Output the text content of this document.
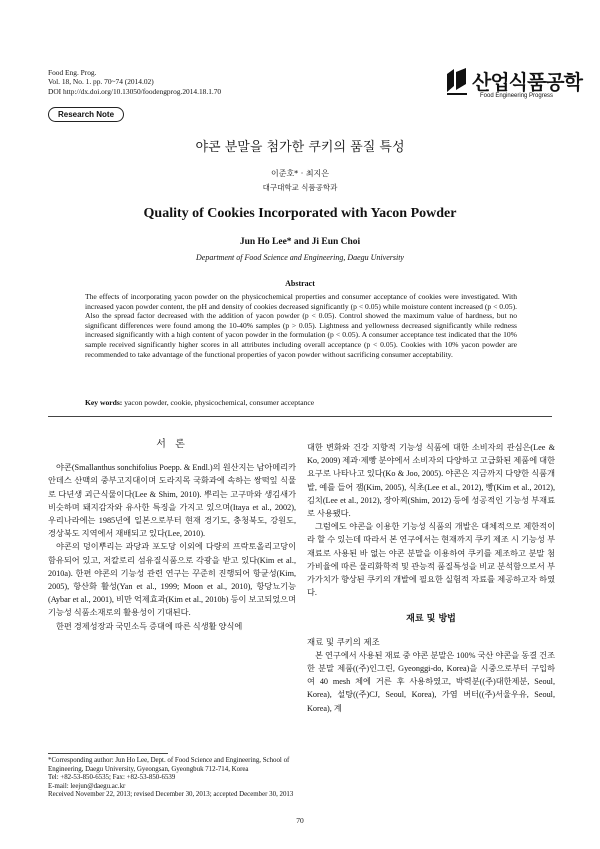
Food Eng. Prog.
Vol. 18, No. 1. pp. 70~74 (2014.02)
DOI http://dx.doi.org/10.13050/foodengprog.2014.18.1.70	산업식품공학
Food Engineering Progress
Research Note
야콘 분말을 첨가한 쿠키의 품질 특성
이준호* · 최지은
대구대학교 식품공학과
Quality of Cookies Incorporated with Yacon Powder
Jun Ho Lee* and Ji Eun Choi
Department of Food Science and Engineering, Daegu University
Abstract
The effects of incorporating yacon powder on the physicochemical properties and consumer acceptance of cookies were investigated. With increased yacon powder content, the pH and density of cookies decreased significantly (p < 0.05) while moisture content increased (p < 0.05). Also the spread factor decreased with the addition of yacon powder (p < 0.05). Control showed the maximum value of hardness, but no significant differences were found among the 10-40% samples (p > 0.05). Lightness and yellowness decreased significantly while redness increased significantly with a high content of yacon powder in the formulation (p < 0.05). A consumer acceptance test indicated that the 10% sample received significantly higher scores in all attributes including overall acceptance (p < 0.05). Cookies with 10% yacon powder are recommended to take advantage of the functional properties of yacon powder without sacrificing consumer acceptability.
Key words: yacon powder, cookie, physicochemical, consumer acceptance
서 론

야콘(Smallanthus sonchifolius Poepp. & Endl.)의 원산지는 남아메리카 안데스 산맥의 중부고지대이며 도라지목 국화과에 속하는 쌍떡잎 식물로 다년생 괴근식물이다(Lee & Shim, 2010). 뿌리는 고구마와 생김새가 비슷하며 돼지감자와 유사한 특징을 가지고 있으며(Itaya et al., 2002), 우리나라에는 1985년에 일본으로부터 현재 경기도, 충청북도, 강원도, 경상북도 지역에서 재배되고 있다(Lee, 2010).

야콘의 덩이뿌리는 과당과 포도당 이외에 다량의 프락토올리고당이 함유되어 있고, 저칼로리 섬유질식품으로 각광을 받고 있다(Kim et al., 2010a). 한편 야콘의 기능성 관련 연구는 꾸준히 진행되어 항균성(Kim, 2005), 항산화 활성(Yan et al., 1999; Moon et al., 2010), 항당뇨기능(Aybar et al., 2001), 비만 억제효과(Kim et al., 2010b) 등이 보고되었으며 기능성 식품소재로의 활용성이 기대된다.

한편 경제성장과 국민소득 증대에 따른 식생활 양식에

대한 변화와 건강 지향적 기능성 식품에 대한 소비자의 관심은(Lee & Ko, 2009) 제과·제빵 분야에서 소비자의 다양하고 고급화된 제품에 대한 요구로 나타나고 있다(Ko & Joo, 2005). 야콘은 지금까지 다양한 식품개발, 예를 들어 잼(Kim, 2005), 식초(Lee et al., 2012), 빵(Kim et al., 2012), 김치(Lee et al., 2012), 장아찌(Shim, 2012) 등에 성공적인 기능성 부재료로 사용됐다.

그럼에도 야콘을 이용한 기능성 식품의 개발은 대체적으로 제한적이라 할 수 있는데 따라서 본 연구에서는 현재까지 쿠키 제조 시 기능성 부재료로 사용된 바 없는 야콘 분말을 이용하여 쿠키를 제조하고 분말 첨가비율에 따른 물리화학적 및 관능적 품질특성을 비교 분석함으로서 부가가치가 향상된 쿠키의 개발에 필요한 실험적 자료를 제공하고자 하였다.

재료 및 방법
재료 및 쿠키의 제조

본 연구에서 사용된 재료 중 야콘 분말은 100% 국산 야콘을 동결 건조한 분말 제품((주)인그린, Gyeonggi-do, Korea)을 시중으로부터 구입하여 40 mesh 체에 거른 후 사용하였고, 박력분((주)대한제분, Seoul, Korea), 설탕((주)CJ, Seoul, Korea), 가염 버터((주)서울우유, Seoul, Korea), 계

*Corresponding author: Jun Ho Lee, Dept. of Food Science and Engineering, School of Engineering, Daegu University, Gyeongsan, Gyeongbuk 712-714, Korea
Tel: +82-53-850-6535; Fax: +82-53-850-6539
E-mail: leejun@daegu.ac.kr
Received November 22, 2013; revised December 30, 2013; accepted December 30, 2013
70
